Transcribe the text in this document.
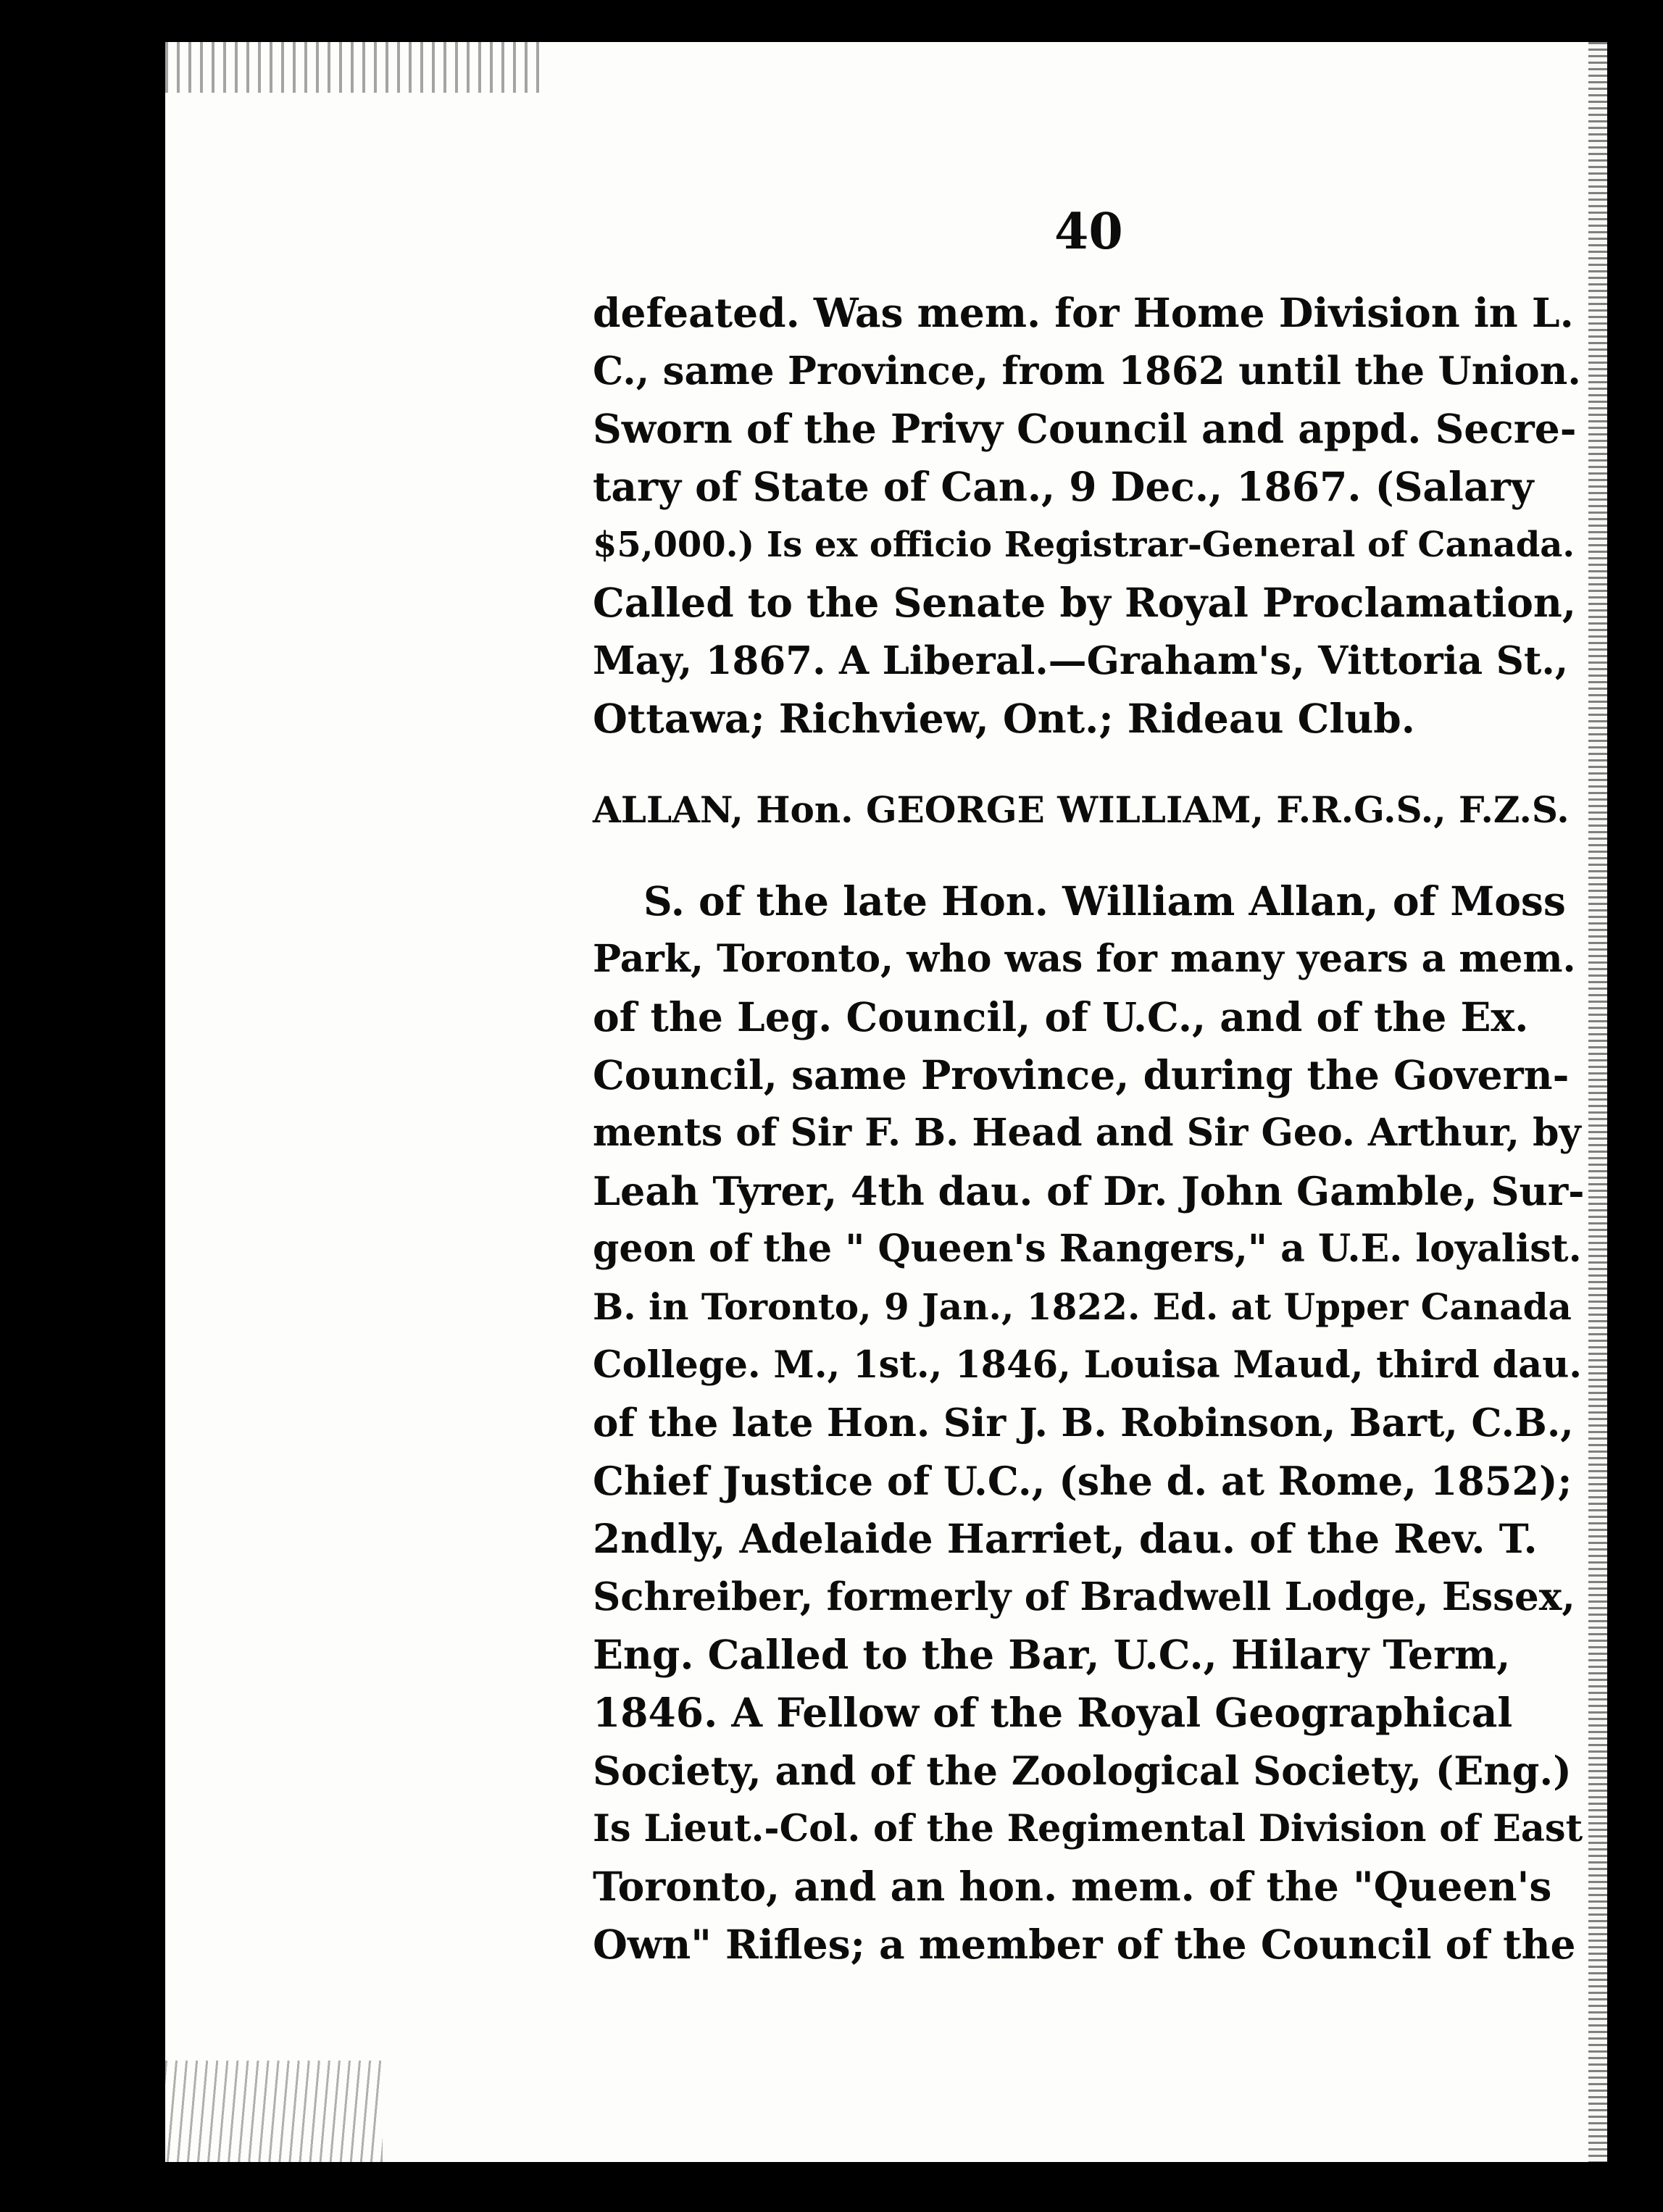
40
defeated. Was mem. for Home Division in L.
C., same Province, from 1862 until the Union.
Sworn of the Privy Council and appd. Secre-
tary of State of Can., 9 Dec., 1867. (Salary
$5,000.) Is ex officio Registrar-General of Canada.
Called to the Senate by Royal Proclamation,
May, 1867. A Liberal.—Graham's, Vittoria St.,
Ottawa; Richview, Ont.; Rideau Club.
ALLAN, Hon. GEORGE WILLIAM, F.R.G.S., F.Z.S.
S. of the late Hon. William Allan, of Moss
Park, Toronto, who was for many years a mem.
of the Leg. Council, of U.C., and of the Ex.
Council, same Province, during the Govern-
ments of Sir F. B. Head and Sir Geo. Arthur, by
Leah Tyrer, 4th dau. of Dr. John Gamble, Sur-
geon of the " Queen's Rangers," a U.E. loyalist.
B. in Toronto, 9 Jan., 1822. Ed. at Upper Canada
College. M., 1st., 1846, Louisa Maud, third dau.
of the late Hon. Sir J. B. Robinson, Bart, C.B.,
Chief Justice of U.C., (she d. at Rome, 1852);
2ndly, Adelaide Harriet, dau. of the Rev. T.
Schreiber, formerly of Bradwell Lodge, Essex,
Eng. Called to the Bar, U.C., Hilary Term,
1846. A Fellow of the Royal Geographical
Society, and of the Zoological Society, (Eng.)
Is Lieut.-Col. of the Regimental Division of East
Toronto, and an hon. mem. of the "Queen's
Own" Rifles; a member of the Council of the
